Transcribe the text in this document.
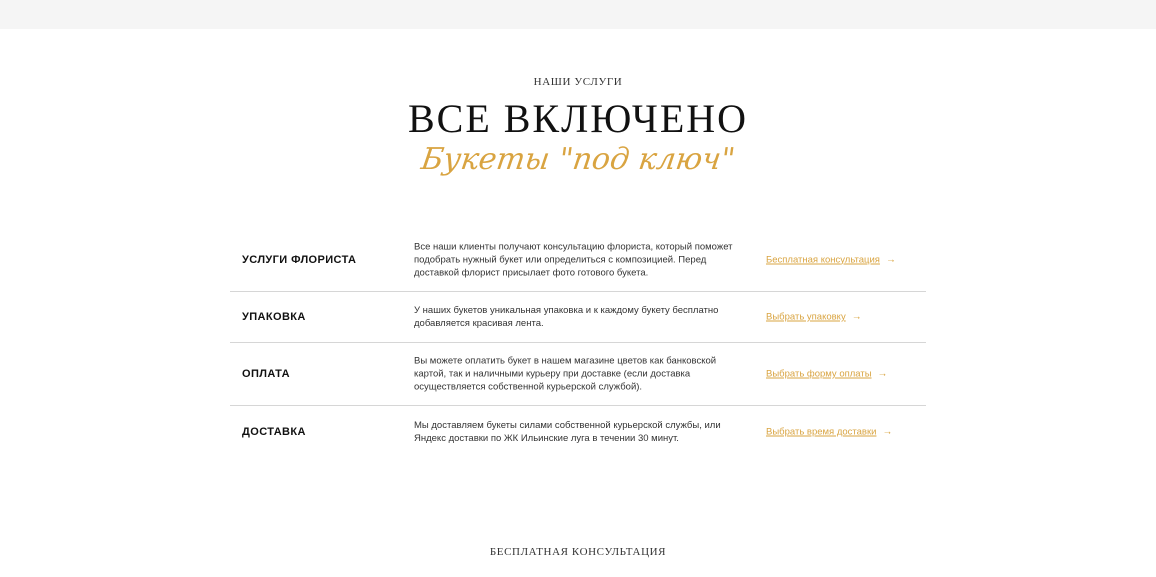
НАШИ УСЛУГИ
ВСЕ ВКЛЮЧЕНО
Букеты "под ключ"
УСЛУГИ ФЛОРИСТА
Все наши клиенты получают консультацию флориста, который поможет подобрать нужный букет или определиться с композицией. Перед доставкой флорист присылает фото готового букета.
Бесплатная консультация →
УПАКОВКА
У наших букетов уникальная упаковка и к каждому букету бесплатно добавляется красивая лента.
Выбрать упаковку →
ОПЛАТА
Вы можете оплатить букет в нашем магазине цветов как банковской картой, так и наличными курьеру при доставке (если доставка осуществляется собственной курьерской службой).
Выбрать форму оплаты →
ДОСТАВКА
Мы доставляем букеты силами собственной курьерской службы, или Яндекс доставки по ЖК Ильинские луга в течении 30 минут.
Выбрать время доставки →
БЕСПЛАТНАЯ КОНСУЛЬТАЦИЯ
